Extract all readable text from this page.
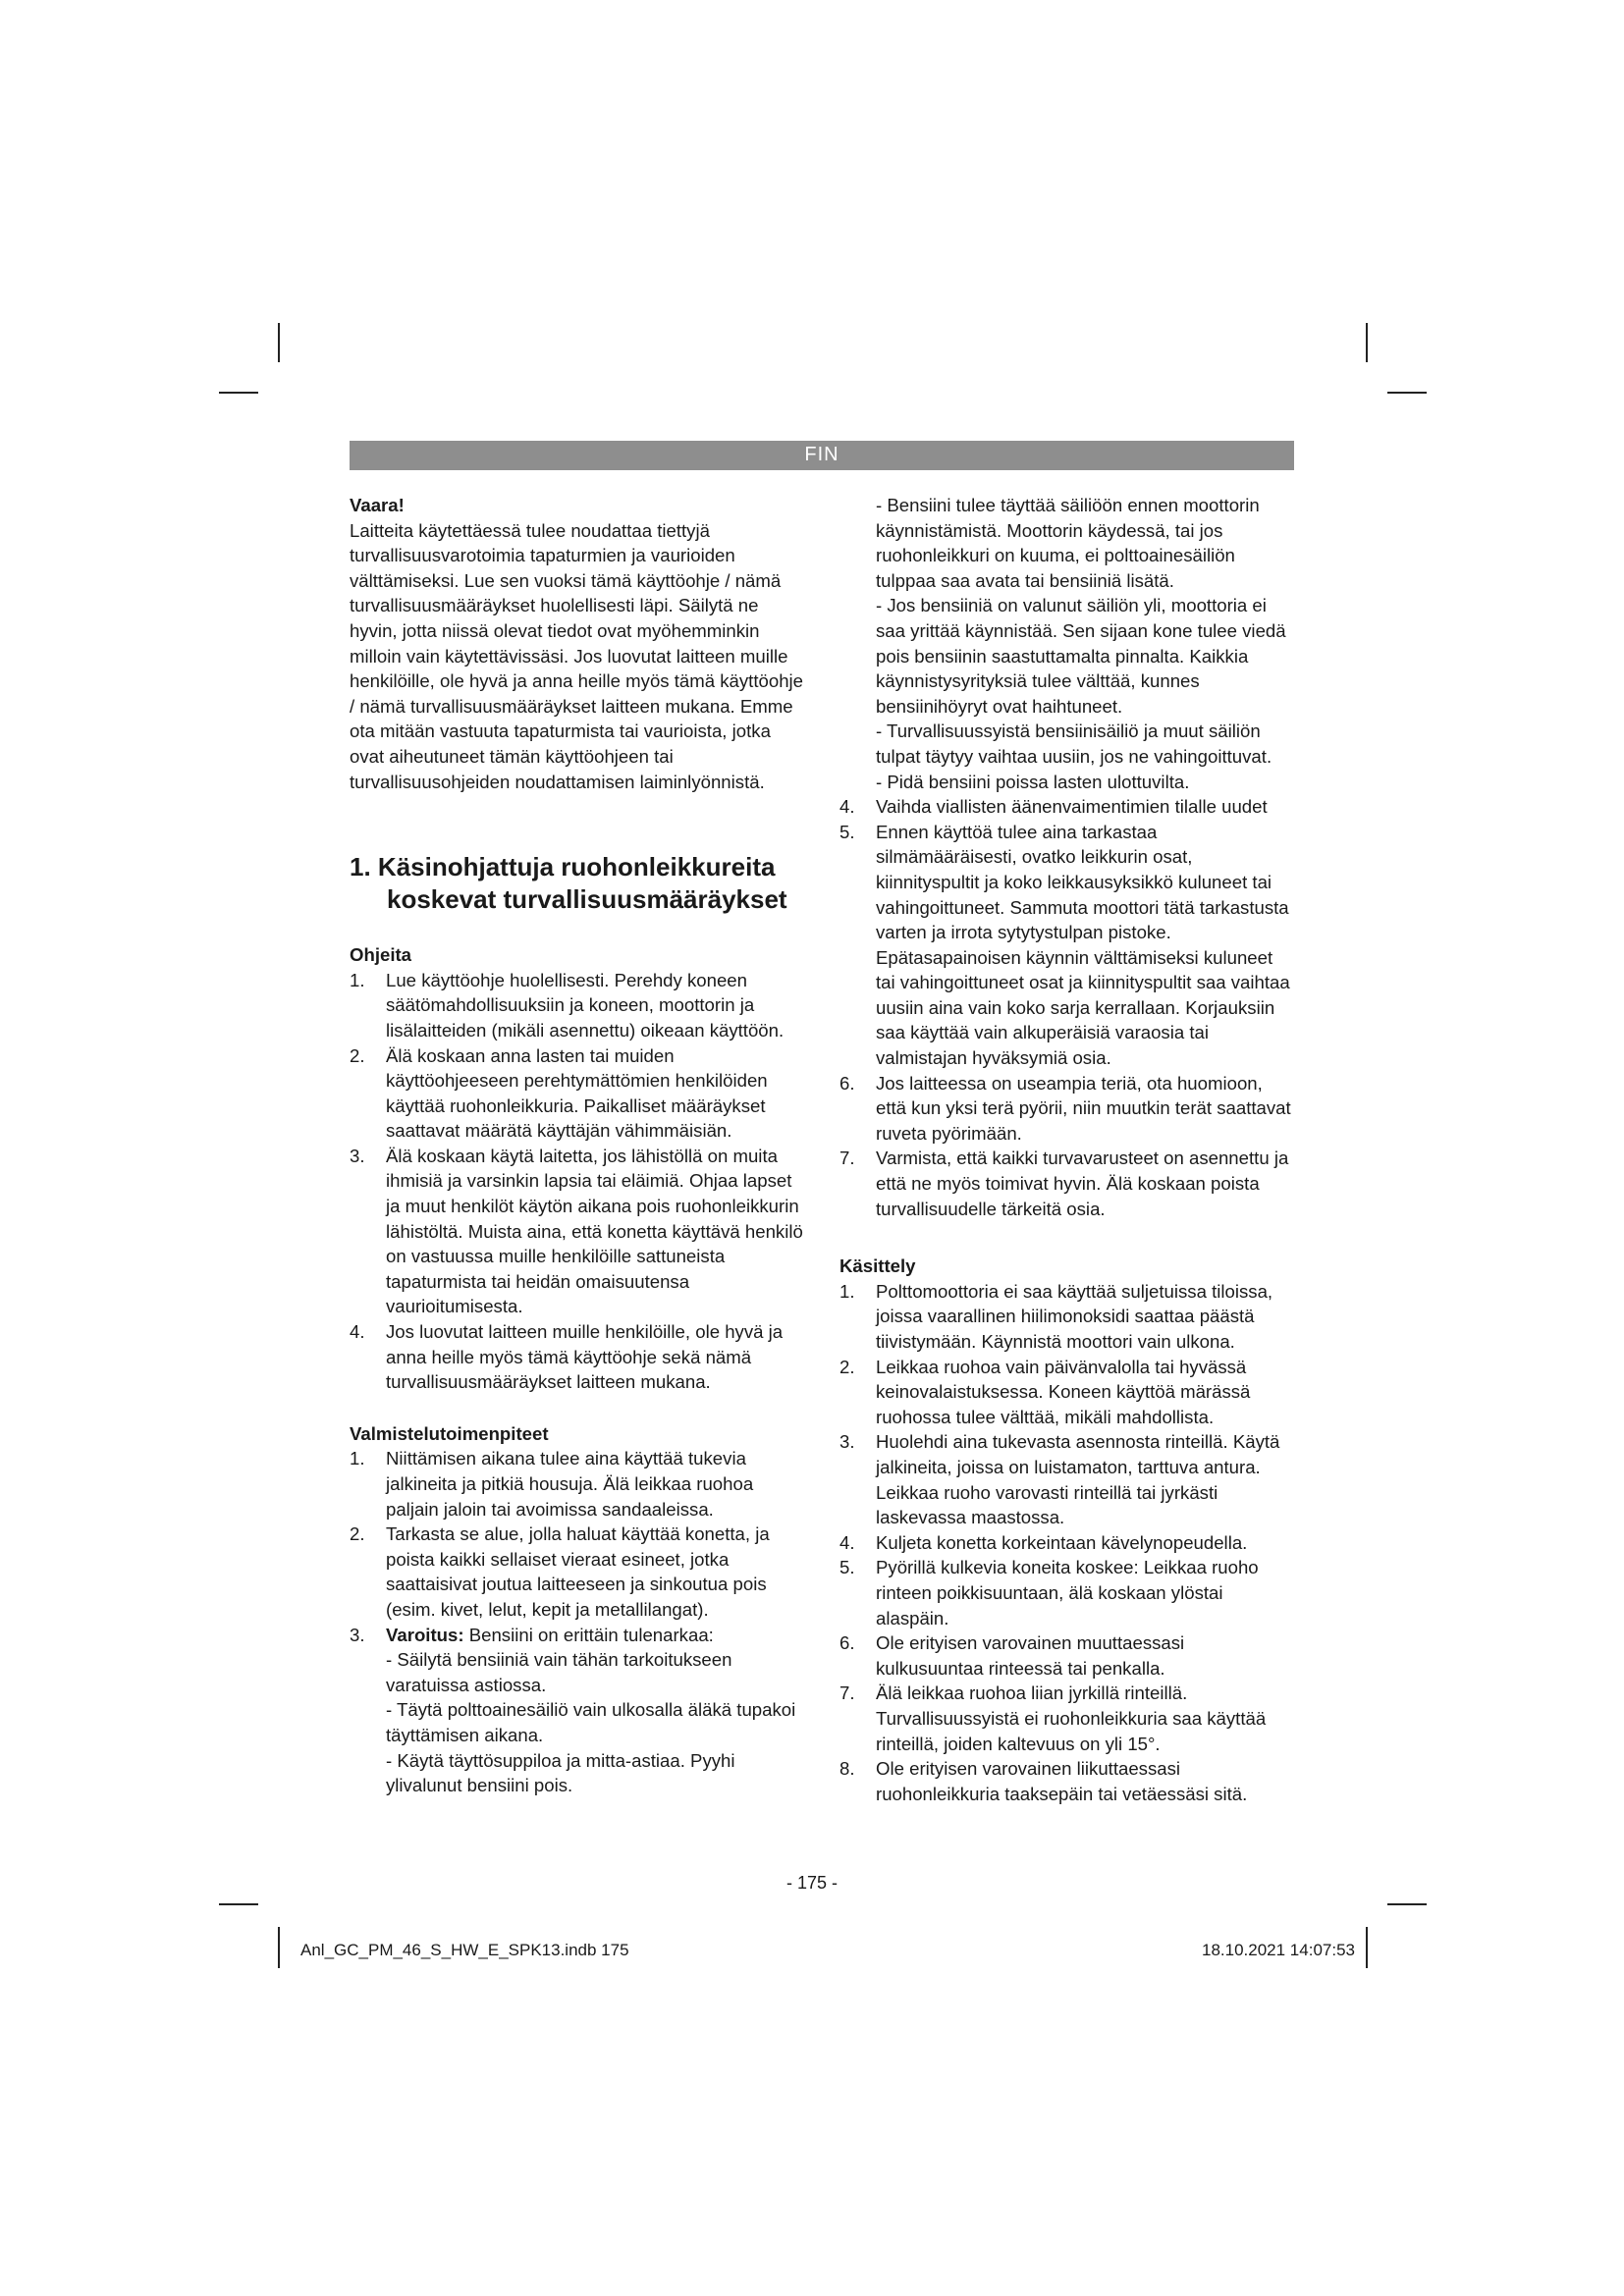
FIN
Vaara!
Laitteita käytettäessä tulee noudattaa tiettyjä turvallisuusvarotoimia tapaturmien ja vaurioiden välttämiseksi. Lue sen vuoksi tämä käyttöohje / nämä turvallisuusmääräykset huolellisesti läpi. Säilytä ne hyvin, jotta niissä olevat tiedot ovat myöhemminkin milloin vain käytettävissäsi. Jos luovutat laitteen muille henkilöille, ole hyvä ja anna heille myös tämä käyttöohje / nämä turvallisuusmääräykset laitteen mukana. Emme ota mitään vastuuta tapaturmista tai vaurioista, jotka ovat aiheutuneet tämän käyttöohjeen tai turvallisuusohjeiden noudattamisen laiminlyönnistä.
1. Käsinohjattuja ruohonleikkureita koskevat turvallisuusmääräykset
Ohjeita
1. Lue käyttöohje huolellisesti. Perehdy koneen säätömahdollisuuksiin ja koneen, moottorin ja lisälaitteiden (mikäli asennettu) oikeaan käyttöön.
2. Älä koskaan anna lasten tai muiden käyttöohjeeseen perehtymättömien henkilöiden käyttää ruohonleikkuria. Paikalliset määräykset saattavat määrätä käyttäjän vähimmäisiän.
3. Älä koskaan käytä laitetta, jos lähistöllä on muita ihmisiä ja varsinkin lapsia tai eläimiä. Ohjaa lapset ja muut henkilöt käytön aikana pois ruohonleikkurin lähistöltä. Muista aina, että konetta käyttävä henkilö on vastuussa muille henkilöille sattuneista tapaturmista tai heidän omaisuutensa vaurioitumisesta.
4. Jos luovutat laitteen muille henkilöille, ole hyvä ja anna heille myös tämä käyttöohje sekä nämä turvallisuusmääräykset laitteen mukana.
Valmistelutoimenpiteet
1. Niittämisen aikana tulee aina käyttää tukevia jalkineita ja pitkiä housuja. Älä leikkaa ruohoa paljain jaloin tai avoimissa sandaaleissa.
2. Tarkasta se alue, jolla haluat käyttää konetta, ja poista kaikki sellaiset vieraat esineet, jotka saattaisivat joutua laitteeseen ja sinkoutua pois (esim. kivet, lelut, kepit ja metallilangat).
3. Varoitus: Bensiini on erittäin tulenarkaa:
- Säilytä bensiiniä vain tähän tarkoitukseen varatuissa astiossa.
- Täytä polttoainesäiliö vain ulkosalla äläkä tupakoi täyttämisen aikana.
- Käytä täyttösuppiloa ja mitta-astiaa. Pyyhi ylivalunut bensiini pois.
- Bensiini tulee täyttää säiliöön ennen moottorin käynnistämistä. Moottorin käydessä, tai jos ruohonleikkuri on kuuma, ei polttoainesäiliön tulppaa saa avata tai bensiiniä lisätä.
- Jos bensiiniä on valunut säiliön yli, moottoria ei saa yrittää käynnistää. Sen sijaan kone tulee viedä pois bensiinin saastuttamalta pinnalta. Kaikkia käynnistysyrityksiä tulee välttää, kunnes bensiinihöyryt ovat haihtuneet.
- Turvallisuussyistä bensiinisäiliö ja muut säiliön tulpat täytyy vaihtaa uusiin, jos ne vahingoittuvat.
- Pidä bensiini poissa lasten ulottuvilta.
4. Vaihda viallisten äänenvaimentimien tilalle uudet
5. Ennen käyttöä tulee aina tarkastaa silmämääräisesti, ovatko leikkurin osat, kiinnityspultit ja koko leikkausyksikkö kuluneet tai vahingoittuneet. Sammuta moottori tätä tarkastusta varten ja irrota sytytystulpan pistoke. Epätasapainoisen käynnin välttämiseksi kuluneet tai vahingoittuneet osat ja kiinnityspultit saa vaihtaa uusiin aina vain koko sarja kerrallaan. Korjauksiin saa käyttää vain alkuperäisiä varaosia tai valmistajan hyväksymiä osia.
6. Jos laitteessa on useampia teriä, ota huomioon, että kun yksi terä pyörii, niin muutkin terät saattavat ruveta pyörimään.
7. Varmista, että kaikki turvavarusteet on asennettu ja että ne myös toimivat hyvin. Älä koskaan poista turvallisuudelle tärkeitä osia.
Käsittely
1. Polttomoottoria ei saa käyttää suljetuissa tiloissa, joissa vaarallinen hiilimonoksidi saattaa päästä tiivistymään. Käynnistä moottori vain ulkona.
2. Leikkaa ruohoa vain päivänvalolla tai hyvässä keinovalaistuksessa. Koneen käyttöä märässä ruohossa tulee välttää, mikäli mahdollista.
3. Huolehdi aina tukevasta asennosta rinteillä. Käytä jalkineita, joissa on luistamaton, tarttuva antura. Leikkaa ruoho varovasti rinteillä tai jyrkästi laskevassa maastossa.
4. Kuljeta konetta korkeintaan kävelynopeudella.
5. Pyörillä kulkevia koneita koskee: Leikkaa ruoho rinteen poikkisuuntaan, älä koskaan ylöstai alaspäin.
6. Ole erityisen varovainen muuttaessasi kulkusuuntaa rinteessä tai penkalla.
7. Älä leikkaa ruohoa liian jyrkillä rinteillä. Turvallisuussyistä ei ruohonleikkuria saa käyttää rinteillä, joiden kaltevuus on yli 15°.
8. Ole erityisen varovainen liikuttaessasi ruohonleikkuria taaksepäin tai vetäessäsi sitä.
- 175 -
Anl_GC_PM_46_S_HW_E_SPK13.indb 175	18.10.2021 14:07:53
